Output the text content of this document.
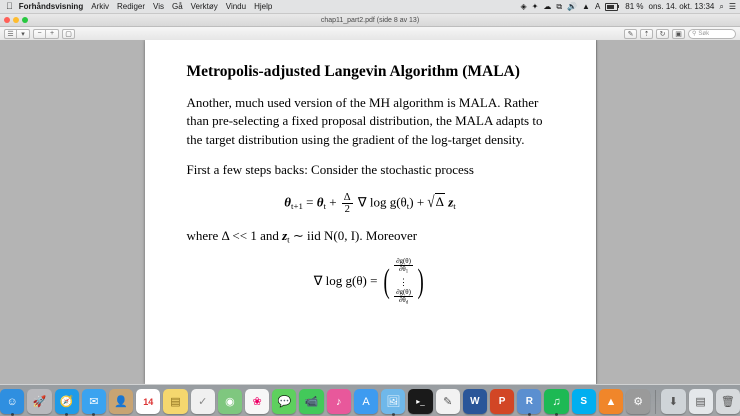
Forhåndsvisning Arkiv Rediger Vis Gå Verktøy Vindu Hjelp	◈ ✦ ☁ ⧉ 🔊 ▲ A	81 % ons. 14. okt. 13:34 ⌕ ☰
chap11_part2.pdf (side 8 av 13)
☰	▾	−	+	▢	✎	⇡	↻	▣	⚲ Søk
Metropolis-adjusted Langevin Algorithm (MALA)

Another, much used version of the MH algorithm is MALA. Rather than pre-selecting a fixed proposal distribution, the MALA adapts to the target distribution using the gradient of the log-target density.

First a few steps backs: Consider the stochastic process

$\theta_{t+1} = \theta_t + \frac{\Delta}{2}$ ∇ $\log g(\theta_t) + √\Delta$ $z_t$

where Δ << 1 and $z_t$ ∼ iid N(0, I). Moreover

∇ log g(θ) = ( $\frac{\partial g(\theta)}{\partial\theta_1}$
⋮
$\frac{\partial g(\theta)}{\partial\theta_d}$ )
☺ 🚀 🧭 ✉ 👤 14 ▤ ✓ ◉ ❀ 💬 📹 ♪ A 🖼 ▸_ ✎ W P R ♫ S ▲ ⚙ ⬇ ▤ 🗑
